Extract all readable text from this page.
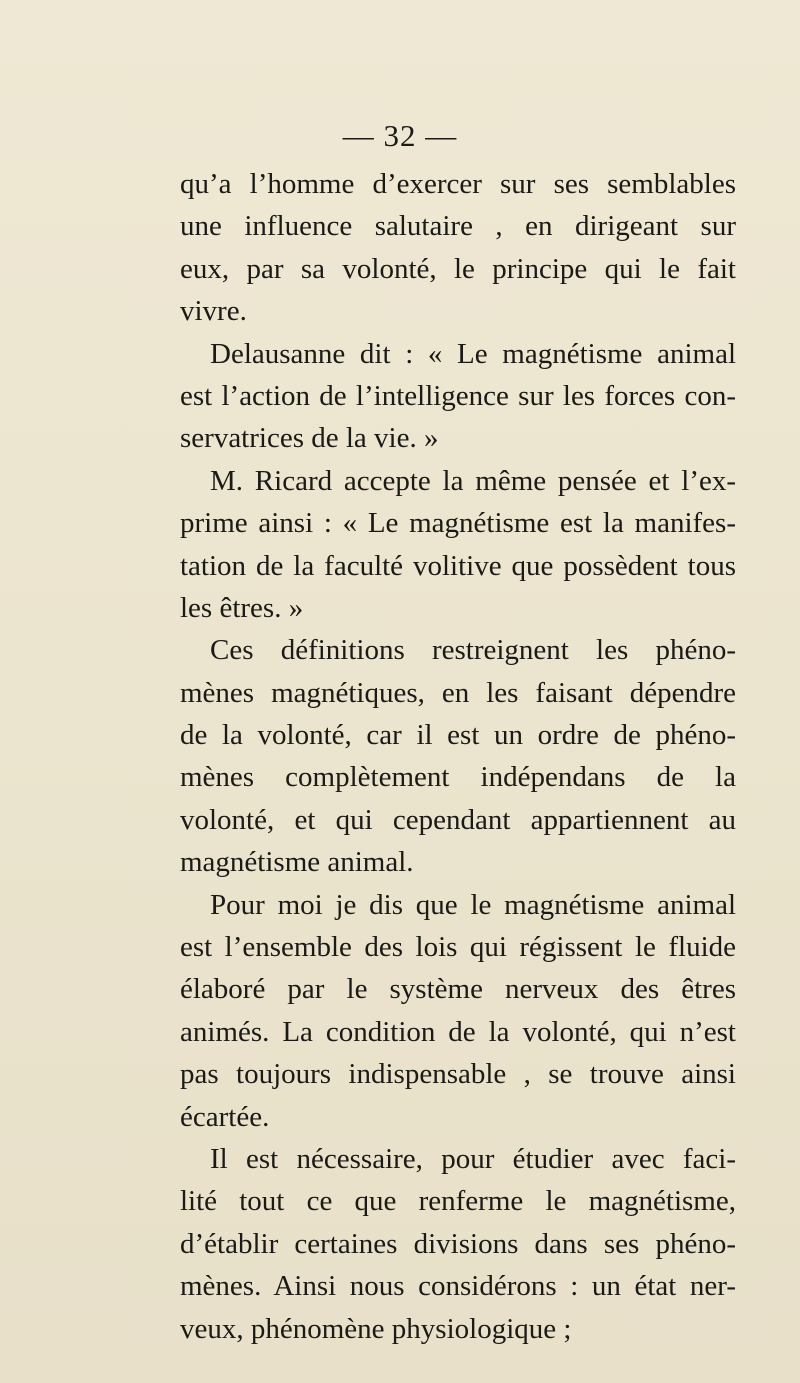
— 32 —
qu’a l’homme d’exercer sur ses semblables
une influence salutaire , en dirigeant sur
eux, par sa volonté, le principe qui le fait
vivre.
Delausanne dit : « Le magnétisme animal
est l’action de l’intelligence sur les forces con-
servatrices de la vie. »
M. Ricard accepte la même pensée et l’ex-
prime ainsi : « Le magnétisme est la manifes-
tation de la faculté volitive que possèdent tous
les êtres. »
Ces définitions restreignent les phéno-
mènes magnétiques, en les faisant dépendre
de la volonté, car il est un ordre de phéno-
mènes complètement indépendans de la
volonté, et qui cependant appartiennent au
magnétisme animal.
Pour moi je dis que le magnétisme animal
est l’ensemble des lois qui régissent le fluide
élaboré par le système nerveux des êtres
animés. La condition de la volonté, qui n’est
pas toujours indispensable , se trouve ainsi
écartée.
Il est nécessaire, pour étudier avec faci-
lité tout ce que renferme le magnétisme,
d’établir certaines divisions dans ses phéno-
mènes. Ainsi nous considérons : un état ner-
veux, phénomène physiologique ;
